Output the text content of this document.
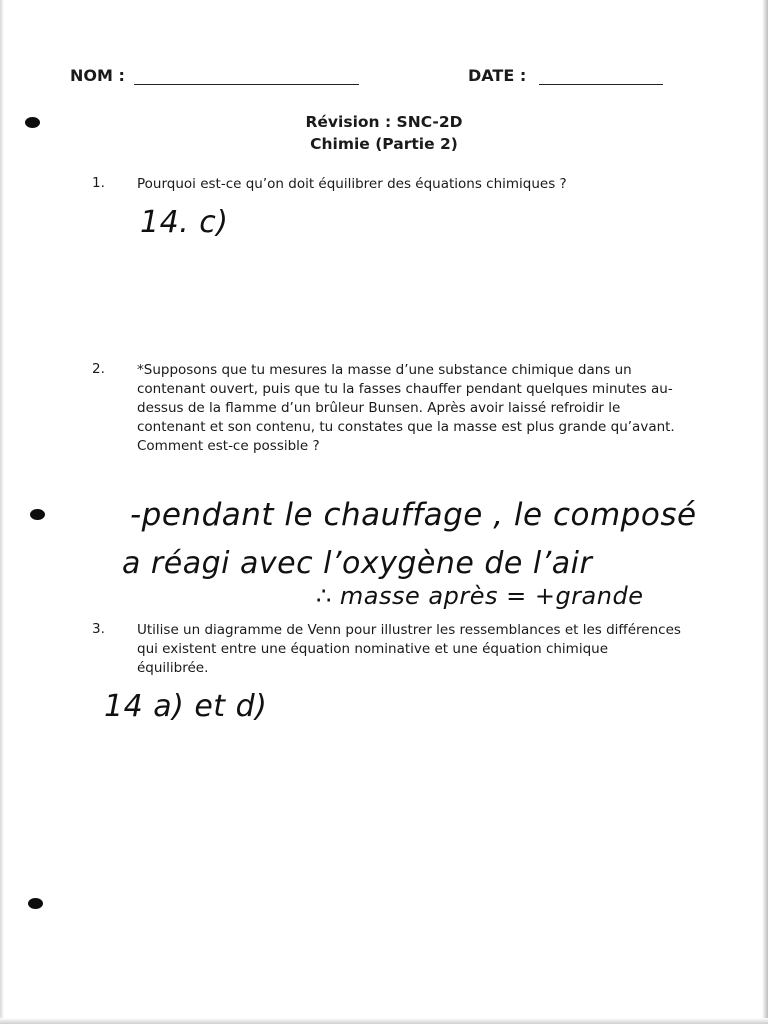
NOM :	DATE :
Révision : SNC-2D
Chimie (Partie 2)
1. Pourquoi est-ce qu’on doit équilibrer des équations chimiques ?
14. c)
2. *Supposons que tu mesures la masse d’une substance chimique dans un contenant ouvert, puis que tu la fasses chauffer pendant quelques minutes au-dessus de la flamme d’un brûleur Bunsen. Après avoir laissé refroidir le contenant et son contenu, tu constates que la masse est plus grande qu’avant. Comment est-ce possible ?
-pendant le chauffage , le composé
a réagi avec l’oxygène de l’air
∴ masse après = +grande
3. Utilise un diagramme de Venn pour illustrer les ressemblances et les différences qui existent entre une équation nominative et une équation chimique équilibrée.
14 a) et d)
